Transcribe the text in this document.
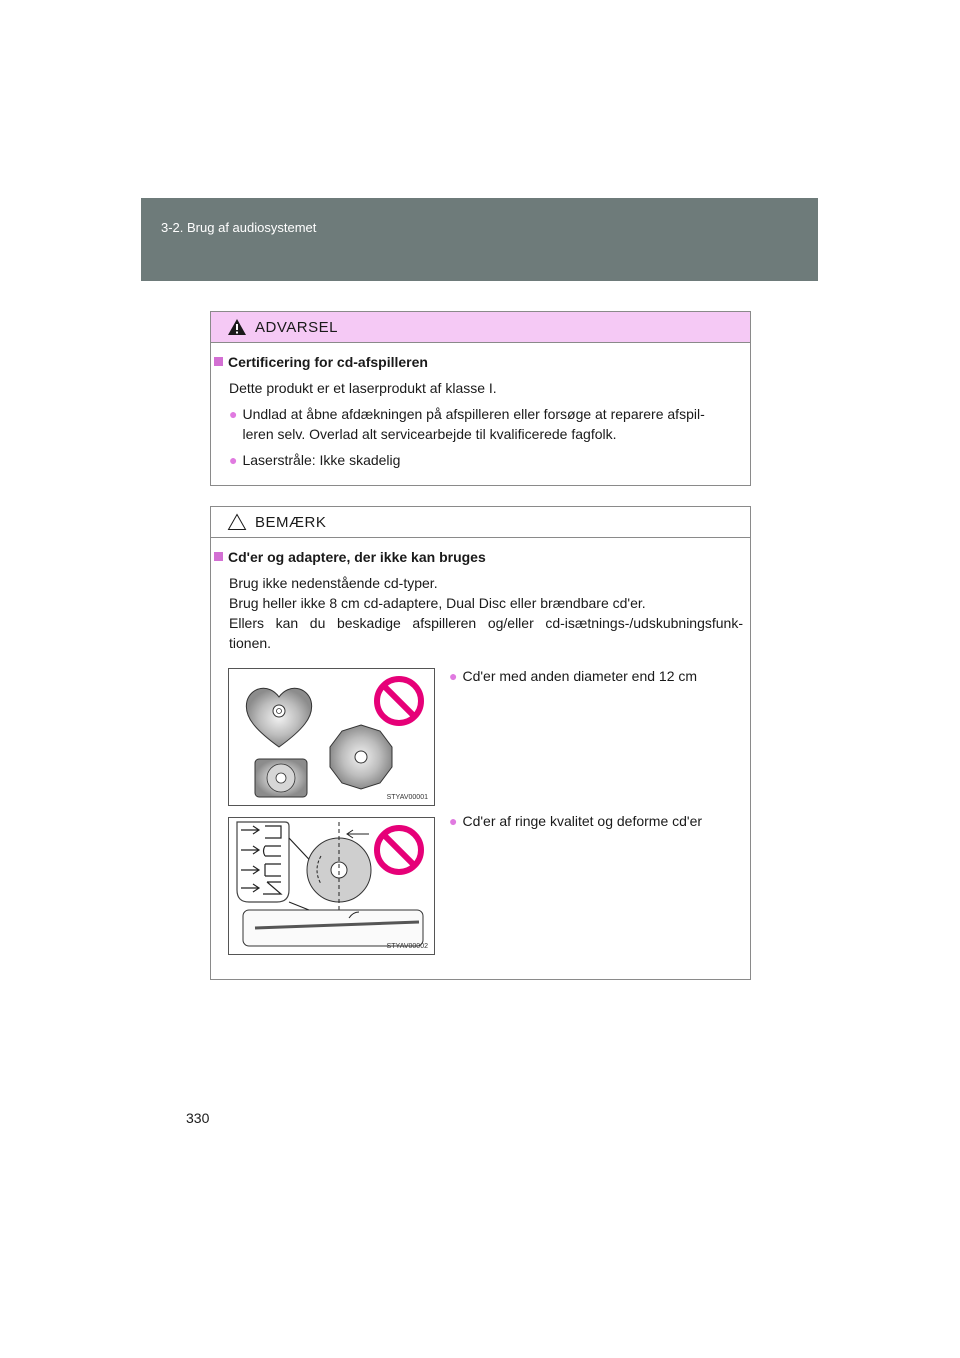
3-2. Brug af audiosystemet
ADVARSEL
Certificering for cd-afspilleren
Dette produkt er et laserprodukt af klasse I.
● Undlad at åbne afdækningen på afspilleren eller forsøge at reparere afspil-
leren selv. Overlad alt servicearbejde til kvalificerede fagfolk.
● Laserstråle: Ikke skadelig
BEMÆRK
Cd'er og adaptere, der ikke kan bruges
Brug ikke nedenstående cd-typer.
Brug heller ikke 8 cm cd-adaptere, Dual Disc eller brændbare cd'er.
Ellers kan du beskadige afspilleren og/eller cd-isætnings-/udskubningsfunk-
tionen.
STYAV00001
● Cd'er med anden diameter end 12 cm
STYAV00002
● Cd'er af ringe kvalitet og deforme cd'er
330
